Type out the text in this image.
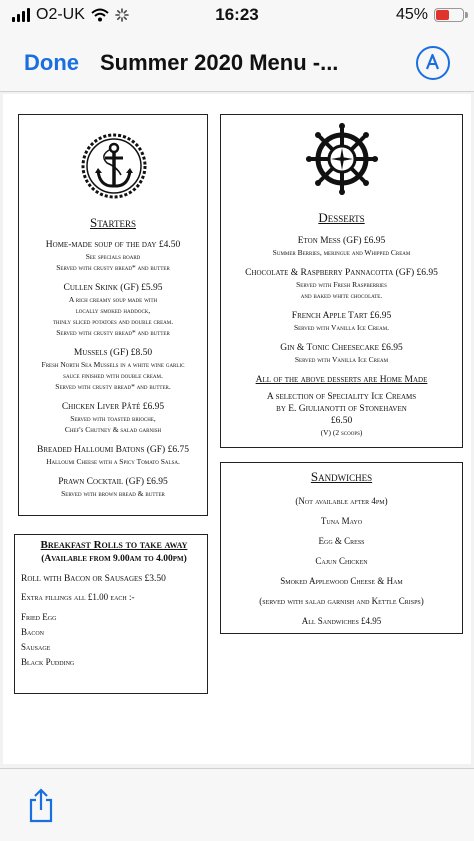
O2-UK	16:23	45%
Done Summer 2020 Menu -...
Starters
Home-made soup of the day £4.50
See specials board
Served with crusty bread* and butter
Cullen Skink (GF) £5.95
A rich creamy soup made with
locally smoked haddock,
thinly sliced potatoes and double cream.
Served with crusty bread* and butter
Mussels (GF) £8.50
Fresh North Sea Mussels in a white wine garlic
sauce finished with double cream.
Served with crusty bread* and butter.
Chicken Liver Pâté £6.95
Served with toasted brioche,
Chef's Chutney & salad garnish
Breaded Halloumi Batons (GF) £6.75
Halloumi Cheese with a Spicy Tomato Salsa.
Prawn Cocktail (GF) £6.95
Served with brown bread & butter
Desserts
Eton Mess (GF) £6.95
Summer Berries, meringue and Whipped Cream
Chocolate & Raspberry Pannacotta (GF) £6.95
Served with Fresh Raspberries
and baked white chocolate.
French Apple Tart £6.95
Served with Vanilla Ice Cream.
Gin & Tonic Cheesecake £6.95
Served with Vanilla Ice Cream
All of the above desserts are Home Made
A selection of Speciality Ice Creams
by E. Giulianotti of Stonehaven
£6.50
(V) (2 scoops)
Sandwiches
(Not available after 4pm)
Tuna Mayo
Egg & Cress
Cajun Chicken
Smoked Applewood Cheese & Ham
(served with salad garnish and Kettle Crisps)
All Sandwiches £4.95
Breakfast Rolls to take away
(Available from 9.00am to 4.00pm)
Roll with Bacon or Sausages £3.50
Extra fillings all £1.00 each :-
Fried Egg
Bacon
Sausage
Black Pudding
